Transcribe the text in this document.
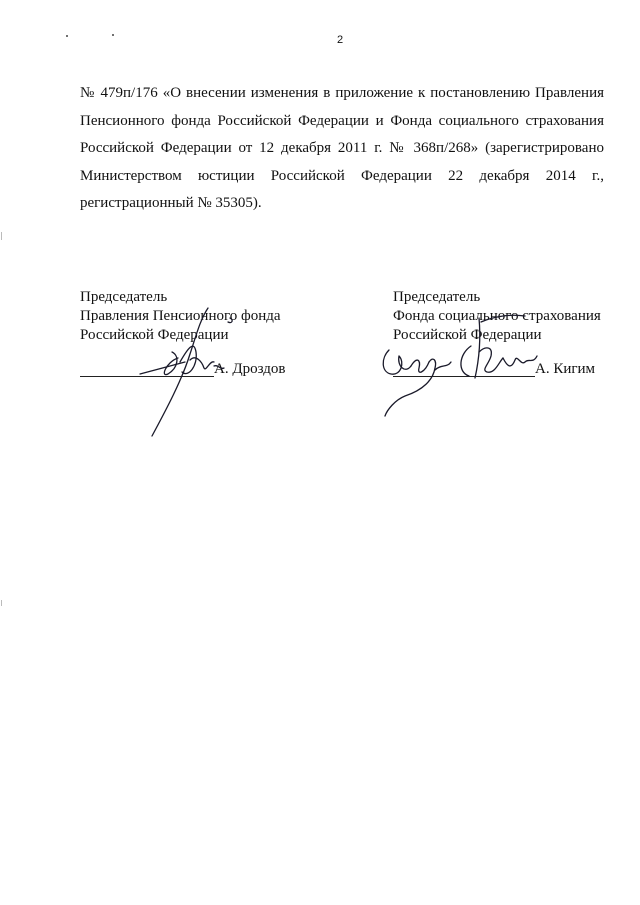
2
№ 479п/176 «О внесении изменения в приложение к постановлению Правления
Пенсионного фонда Российской Федерации и Фонда социального страхования
Российской Федерации от 12 декабря 2011 г. № 368п/268» (зарегистрировано
Министерством юстиции Российской Федерации 22 декабря 2014 г.,
регистрационный № 35305).
Председатель
Правления Пенсионного фонда
Российской Федерации
А. Дроздов
Председатель
Фонда социального страхования
Российской Федерации
А. Кигим
